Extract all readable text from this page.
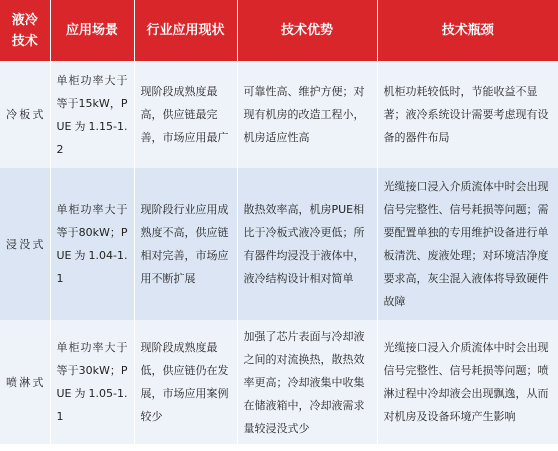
液冷技术	应用场景	行业应用现状	技术优势	技术瓶颈
冷板式	单柜功率大于等于15kW，PUE为1.15-1.2	现阶段成熟度最高，供应链最完善，市场应用最广	可靠性高、维护方便；对现有机房的改造工程小，机房适应性高	机柜功耗较低时，节能收益不显著；液冷系统设计需要考虑现有设备的器件布局
浸没式	单柜功率大于等于80kW；PUE为1.04-1.1	现阶段行业应用成熟度不高，供应链相对完善，市场应用不断扩展	散热效率高，机房PUE相比于冷板式液冷更低；所有器件均浸没于液体中，液冷结构设计相对简单	光缆接口浸入介质流体中时会出现信号完整性、信号耗损等问题；需要配置单独的专用维护设备进行单板清洗、废液处理；对环境洁净度要求高，灰尘混入液体将导致硬件故障
喷淋式	单柜功率大于等于30kW；PUE为1.05-1.1	现阶段成熟度最低，供应链仍在发展，市场应用案例较少	加强了芯片表面与冷却液之间的对流换热，散热效率更高；冷却液集中收集在储液箱中，冷却液需求量较浸没式少	光缆接口浸入介质流体中时会出现信号完整性、信号耗损等问题；喷淋过程中冷却液会出现飘逸，从而对机房及设备环境产生影响
